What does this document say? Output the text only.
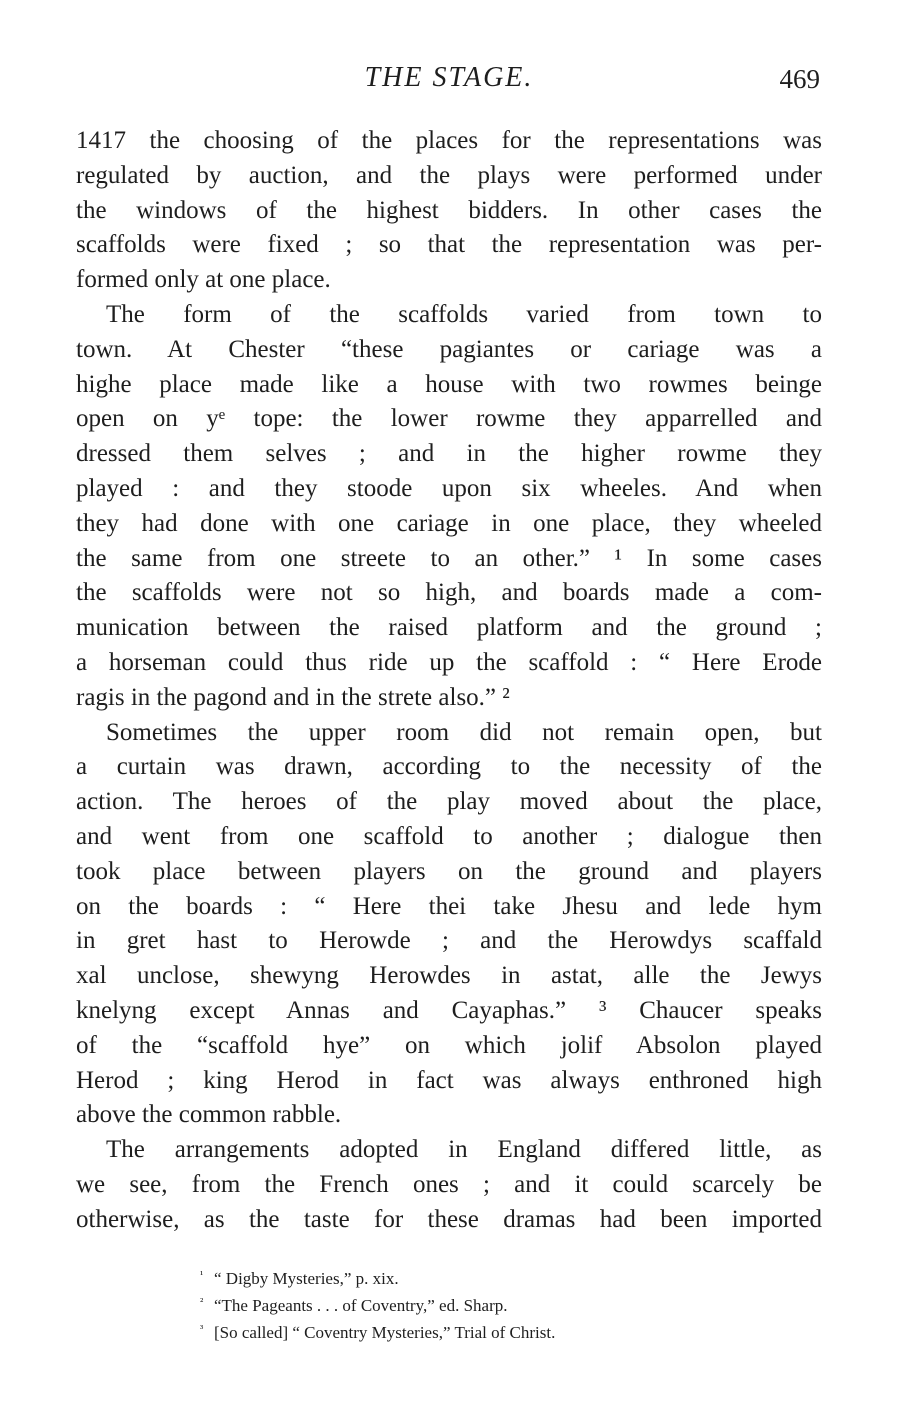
THE STAGE.	469
1417 the choosing of the places for the representations was
regulated by auction, and the plays were performed under
the windows of the highest bidders. In other cases the
scaffolds were fixed ; so that the representation was per-
formed only at one place.
The form of the scaffolds varied from town to
town. At Chester “these pagiantes or cariage was a
highe place made like a house with two rowmes beinge
open on yᵉ tope: the lower rowme they apparrelled and
dressed them selves ; and in the higher rowme they
played : and they stoode upon six wheeles. And when
they had done with one cariage in one place, they wheeled
the same from one streete to an other.” ¹ In some cases
the scaffolds were not so high, and boards made a com-
munication between the raised platform and the ground ;
a horseman could thus ride up the scaffold : “ Here Erode
ragis in the pagond and in the strete also.” ²
Sometimes the upper room did not remain open, but
a curtain was drawn, according to the necessity of the
action. The heroes of the play moved about the place,
and went from one scaffold to another ; dialogue then
took place between players on the ground and players
on the boards : “ Here thei take Jhesu and lede hym
in gret hast to Herowde ; and the Herowdys scaffald
xal unclose, shewyng Herowdes in astat, alle the Jewys
knelyng except Annas and Cayaphas.” ³ Chaucer speaks
of the “scaffold hye” on which jolif Absolon played
Herod ; king Herod in fact was always enthroned high
above the common rabble.
The arrangements adopted in England differed little, as
we see, from the French ones ; and it could scarcely be
otherwise, as the taste for these dramas had been imported
¹ “ Digby Mysteries,” p. xix.
² “The Pageants . . . of Coventry,” ed. Sharp.
³ [So called] “ Coventry Mysteries,” Trial of Christ.
